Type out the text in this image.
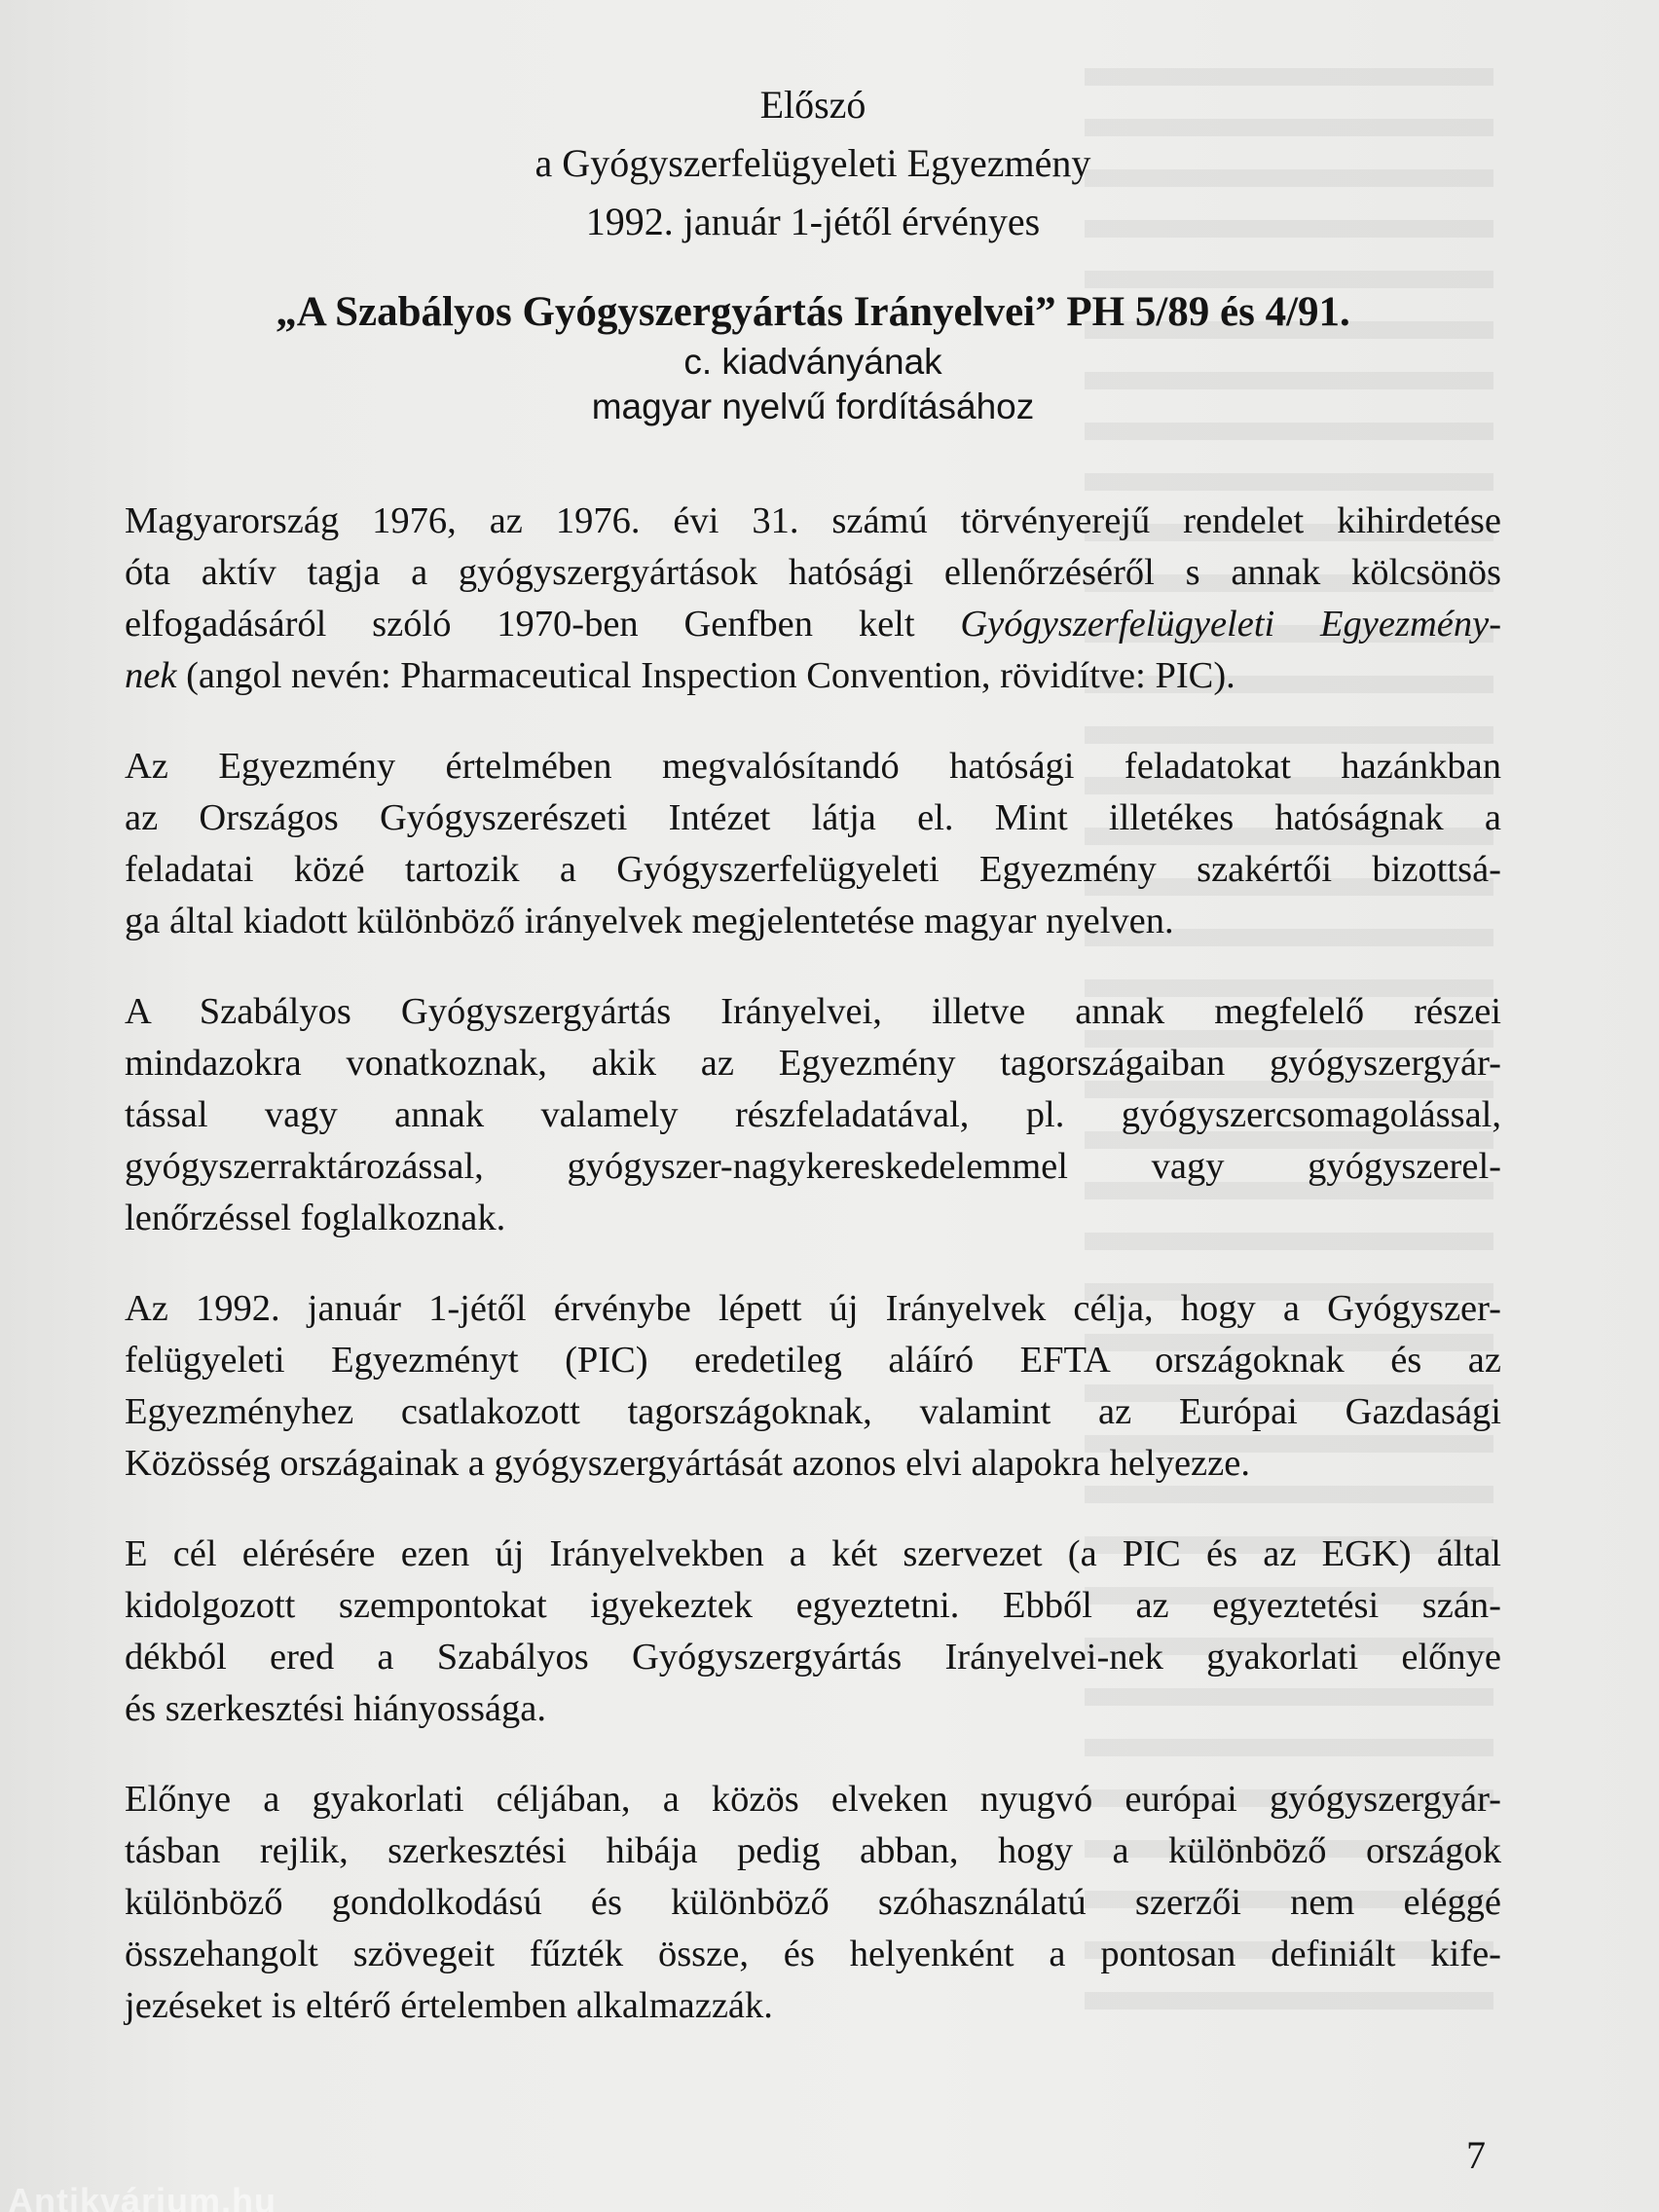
Előszó
a Gyógyszerfelügyeleti Egyezmény
1992. január 1-jétől érvényes
„A Szabályos Gyógyszergyártás Irányelvei” PH 5/89 és 4/91.
c. kiadványának
magyar nyelvű fordításához

Magyarország 1976, az 1976. évi 31. számú törvényerejű rendelet kihirdetése
óta aktív tagja a gyógyszergyártások hatósági ellenőrzéséről s annak kölcsönös
elfogadásáról szóló 1970-ben Genfben kelt Gyógyszerfelügyeleti Egyezmény-
nek (angol nevén: Pharmaceutical Inspection Convention, rövidítve: PIC).

Az Egyezmény értelmében megvalósítandó hatósági feladatokat hazánkban
az Országos Gyógyszerészeti Intézet látja el. Mint illetékes hatóságnak a
feladatai közé tartozik a Gyógyszerfelügyeleti Egyezmény szakértői bizottsá-
ga által kiadott különböző irányelvek megjelentetése magyar nyelven.

A Szabályos Gyógyszergyártás Irányelvei, illetve annak megfelelő részei
mindazokra vonatkoznak, akik az Egyezmény tagországaiban gyógyszergyár-
tással vagy annak valamely részfeladatával, pl. gyógyszercsomagolással,
gyógyszerraktározással, gyógyszer-nagykereskedelemmel vagy gyógyszerel-
lenőrzéssel foglalkoznak.

Az 1992. január 1-jétől érvénybe lépett új Irányelvek célja, hogy a Gyógyszer-
felügyeleti Egyezményt (PIC) eredetileg aláíró EFTA országoknak és az
Egyezményhez csatlakozott tagországoknak, valamint az Európai Gazdasági
Közösség országainak a gyógyszergyártását azonos elvi alapokra helyezze.

E cél elérésére ezen új Irányelvekben a két szervezet (a PIC és az EGK) által
kidolgozott szempontokat igyekeztek egyeztetni. Ebből az egyeztetési szán-
dékból ered a Szabályos Gyógyszergyártás Irányelvei-nek gyakorlati előnye
és szerkesztési hiányossága.

Előnye a gyakorlati céljában, a közös elveken nyugvó európai gyógyszergyár-
tásban rejlik, szerkesztési hibája pedig abban, hogy a különböző országok
különböző gondolkodású és különböző szóhasználatú szerzői nem eléggé
összehangolt szövegeit fűzték össze, és helyenként a pontosan definiált kife-
jezéseket is eltérő értelemben alkalmazzák.

7
Antikvárium.hu
